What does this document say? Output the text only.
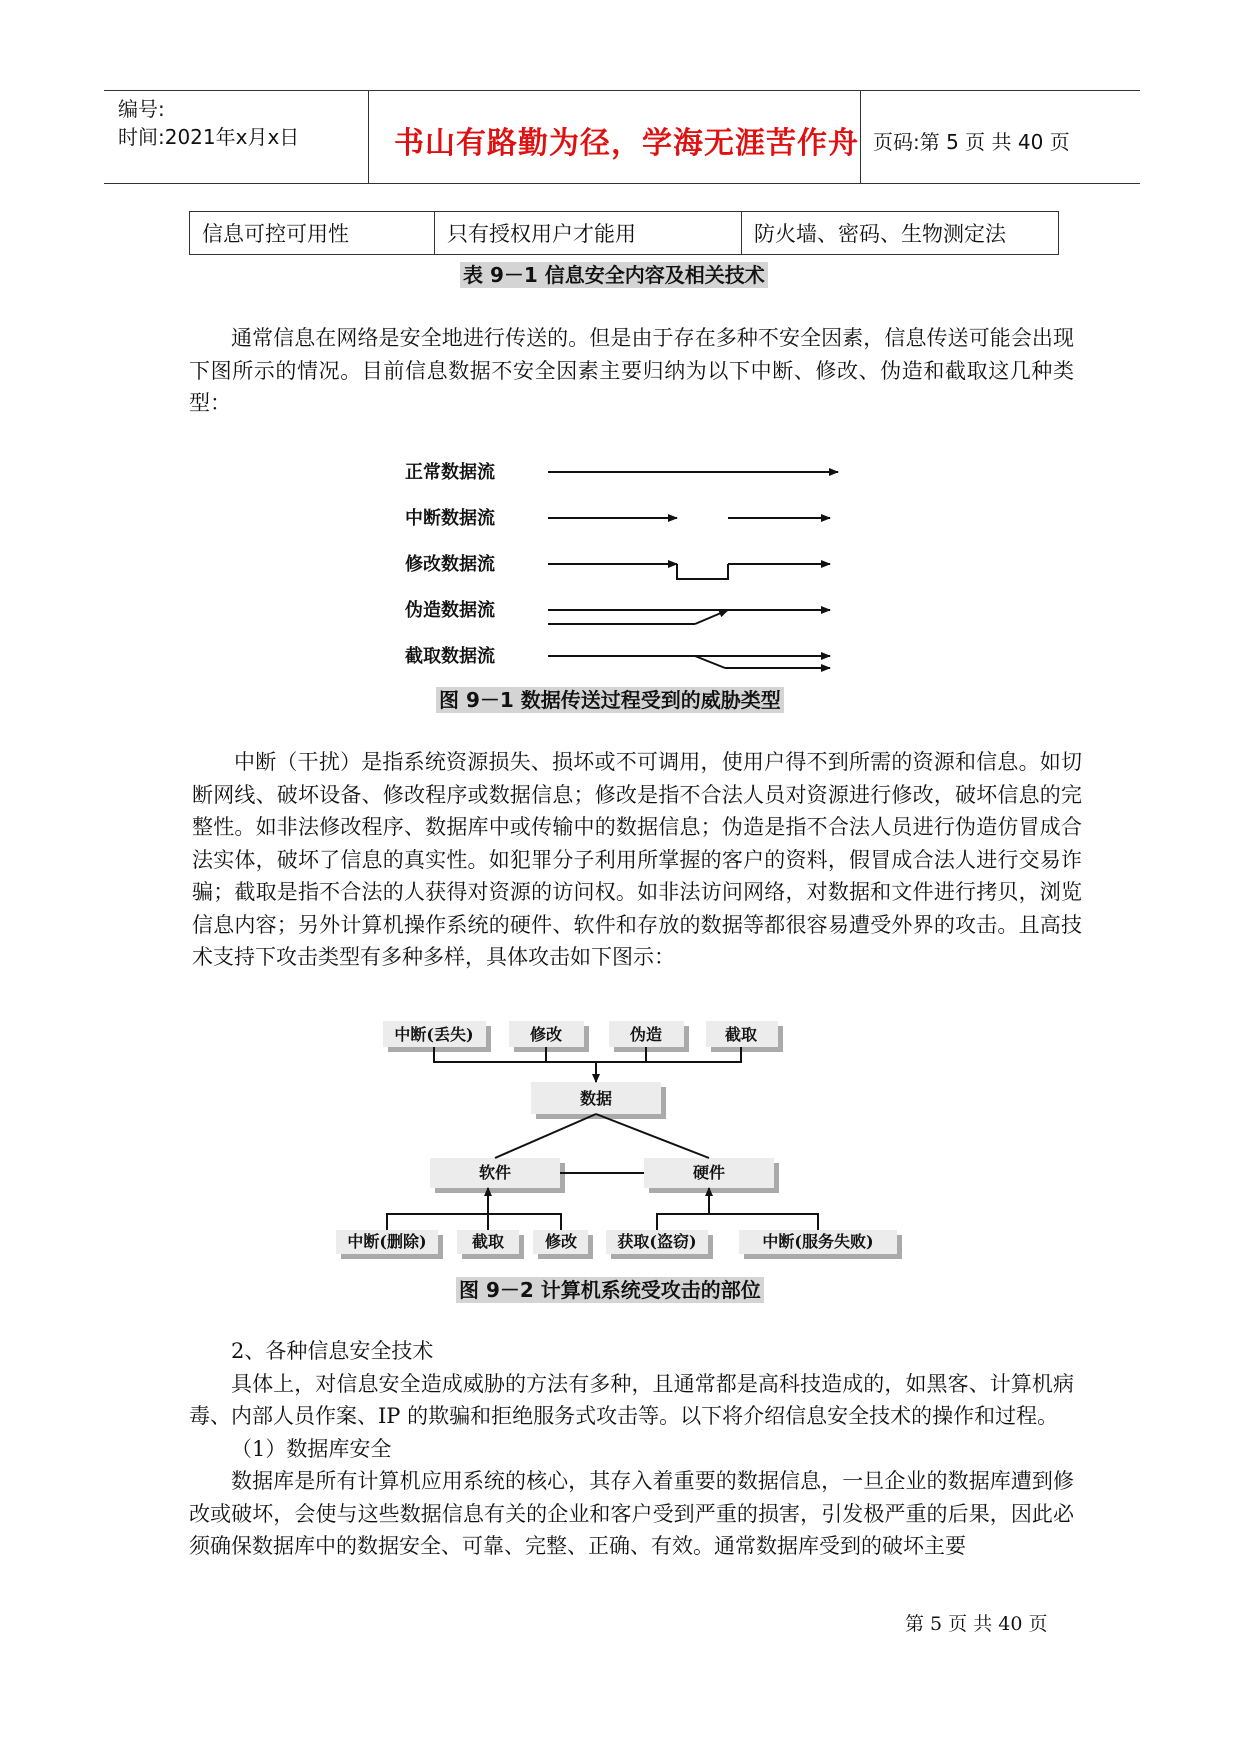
编号:
时间:2021年x月x日	书山有路勤为径，学海无涯苦作舟 页码:第 5 页 共 40 页
信息可控可用性	只有授权用户才能用	防火墙、密码、生物测定法
表 9－1 信息安全内容及相关技术

通常信息在网络是安全地进行传送的。但是由于存在多种不安全因素，信息传送可能会出现下图所示的情况。目前信息数据不安全因素主要归纳为以下中断、修改、伪造和截取这几种类型：

正常数据流
中断数据流
修改数据流
伪造数据流
截取数据流
图 9－1 数据传送过程受到的威胁类型

中断（干扰）是指系统资源损失、损坏或不可调用，使用户得不到所需的资源和信息。如切断网线、破坏设备、修改程序或数据信息；修改是指不合法人员对资源进行修改，破坏信息的完整性。如非法修改程序、数据库中或传输中的数据信息；伪造是指不合法人员进行伪造仿冒成合法实体，破坏了信息的真实性。如犯罪分子利用所掌握的客户的资料，假冒成合法人进行交易诈骗；截取是指不合法的人获得对资源的访问权。如非法访问网络，对数据和文件进行拷贝，浏览信息内容；另外计算机操作系统的硬件、软件和存放的数据等都很容易遭受外界的攻击。且高技术支持下攻击类型有多种多样，具体攻击如下图示：

中断(丢失)	修改	伪造	截取
数据
软件	硬件
中断(删除)	截取	修改	获取(盗窃)	中断(服务失败)
图 9－2 计算机系统受攻击的部位

2、各种信息安全技术

具体上，对信息安全造成威胁的方法有多种，且通常都是高科技造成的，如黑客、计算机病毒、内部人员作案、IP 的欺骗和拒绝服务式攻击等。以下将介绍信息安全技术的操作和过程。

（1）数据库安全

数据库是所有计算机应用系统的核心，其存入着重要的数据信息，一旦企业的数据库遭到修改或破坏，会使与这些数据信息有关的企业和客户受到严重的损害，引发极严重的后果，因此必须确保数据库中的数据安全、可靠、完整、正确、有效。通常数据库受到的破坏主要

第 5 页 共 40 页
